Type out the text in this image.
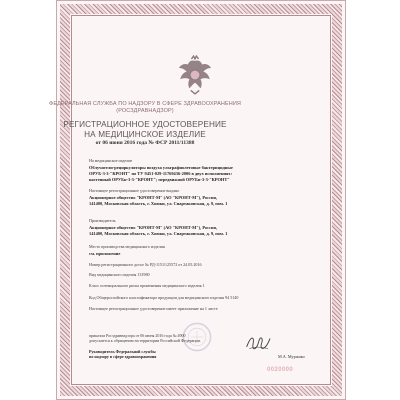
ФЕДЕРАЛЬНАЯ СЛУЖБА ПО НАДЗОРУ В СФЕРЕ ЗДРАВООХРАНЕНИЯ
(РОСЗДРАВНАДЗОР)
РЕГИСТРАЦИОННОЕ УДОСТОВЕРЕНИЕ
НА МЕДИЦИНСКОЕ ИЗДЕЛИЕ
от 06 июня 2016 года № ФСР 2011/11388
На медицинское изделие
Облучатели-рециркуляторы воздуха ультрафиолетовые бактерицидные
ОРУБ-3-3-"КРОНТ" по ТУ 9451-029-11769436-2006 в двух исполнениях:
настенный ОРУБн-3-3-"КРОНТ"; передвижной ОРУБп-3-3-"КРОНТ"
Настоящее регистрационное удостоверение выдано
Акционерное общество "КРОНТ-М" (АО "КРОНТ-М"), Россия,
141400, Московская область, г. Химки, ул. Спартаковская, д. 9, пом. 1
Производитель
Акционерное общество "КРОНТ-М" (АО "КРОНТ-М"), Россия,
141400, Московская область, г. Химки, ул. Спартаковская, д. 9, пом. 1
Место производства медицинского изделия
см. приложение
Номер регистрационного досье № РД-11511/25572 от 24.05.2016
Вид медицинского изделия 131980
Класс потенциального риска применения медицинского изделия 1
Код Общероссийского классификатора продукции для медицинского изделия 94 5140
Настоящее регистрационное удостоверение имеет приложение на 1 листе
приказом Росздравнадзора от 06 июня 2016 года № 4900
допускается к обращению на территории Российской Федерации.
Руководитель Федеральной службы
по надзору в сфере здравоохранения	М.А. Мурашко
0020000
